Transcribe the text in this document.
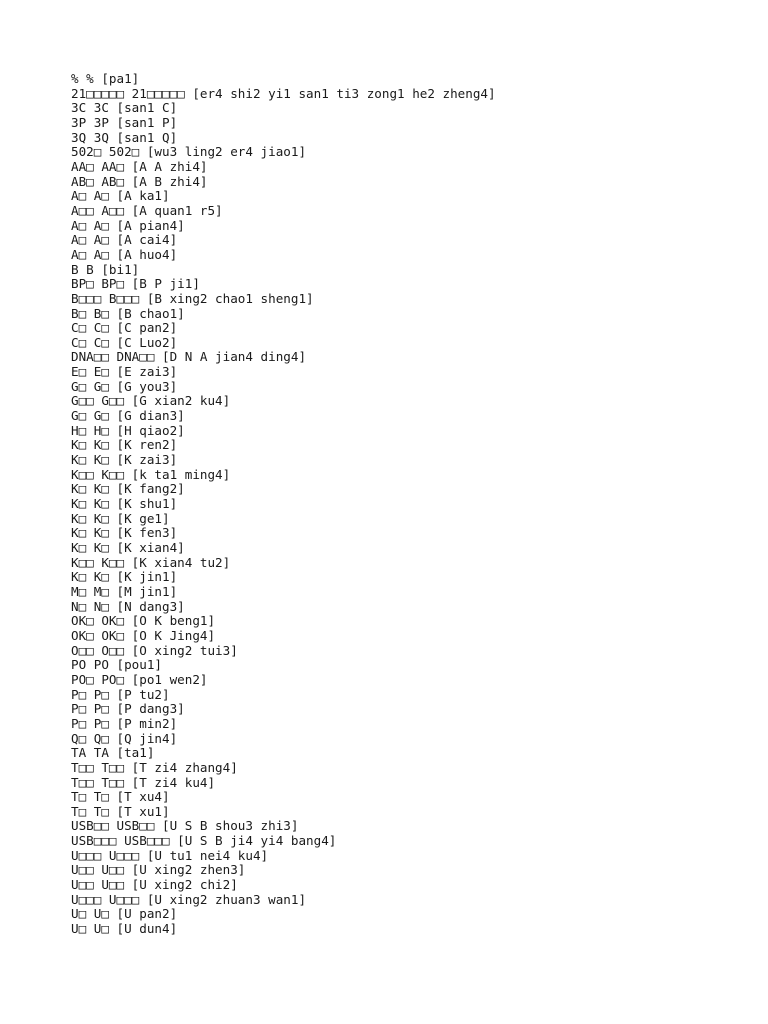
% % [pa1]
21□□□□□ 21□□□□□ [er4 shi2 yi1 san1 ti3 zong1 he2 zheng4]
3C 3C [san1 C]
3P 3P [san1 P]
3Q 3Q [san1 Q]
502□ 502□ [wu3 ling2 er4 jiao1]
AA□ AA□ [A A zhi4]
AB□ AB□ [A B zhi4]
A□ A□ [A ka1]
A□□ A□□ [A quan1 r5]
A□ A□ [A pian4]
A□ A□ [A cai4]
A□ A□ [A huo4]
B B [bi1]
BP□ BP□ [B P ji1]
B□□□ B□□□ [B xing2 chao1 sheng1]
B□ B□ [B chao1]
C□ C□ [C pan2]
C□ C□ [C Luo2]
DNA□□ DNA□□ [D N A jian4 ding4]
E□ E□ [E zai3]
G□ G□ [G you3]
G□□ G□□ [G xian2 ku4]
G□ G□ [G dian3]
H□ H□ [H qiao2]
K□ K□ [K ren2]
K□ K□ [K zai3]
K□□ K□□ [k ta1 ming4]
K□ K□ [K fang2]
K□ K□ [K shu1]
K□ K□ [K ge1]
K□ K□ [K fen3]
K□ K□ [K xian4]
K□□ K□□ [K xian4 tu2]
K□ K□ [K jin1]
M□ M□ [M jin1]
N□ N□ [N dang3]
OK□ OK□ [O K beng1]
OK□ OK□ [O K Jing4]
O□□ O□□ [O xing2 tui3]
PO PO [pou1]
PO□ PO□ [po1 wen2]
P□ P□ [P tu2]
P□ P□ [P dang3]
P□ P□ [P min2]
Q□ Q□ [Q jin4]
TA TA [ta1]
T□□ T□□ [T zi4 zhang4]
T□□ T□□ [T zi4 ku4]
T□ T□ [T xu4]
T□ T□ [T xu1]
USB□□ USB□□ [U S B shou3 zhi3]
USB□□□ USB□□□ [U S B ji4 yi4 bang4]
U□□□ U□□□ [U tu1 nei4 ku4]
U□□ U□□ [U xing2 zhen3]
U□□ U□□ [U xing2 chi2]
U□□□ U□□□ [U xing2 zhuan3 wan1]
U□ U□ [U pan2]
U□ U□ [U dun4]
